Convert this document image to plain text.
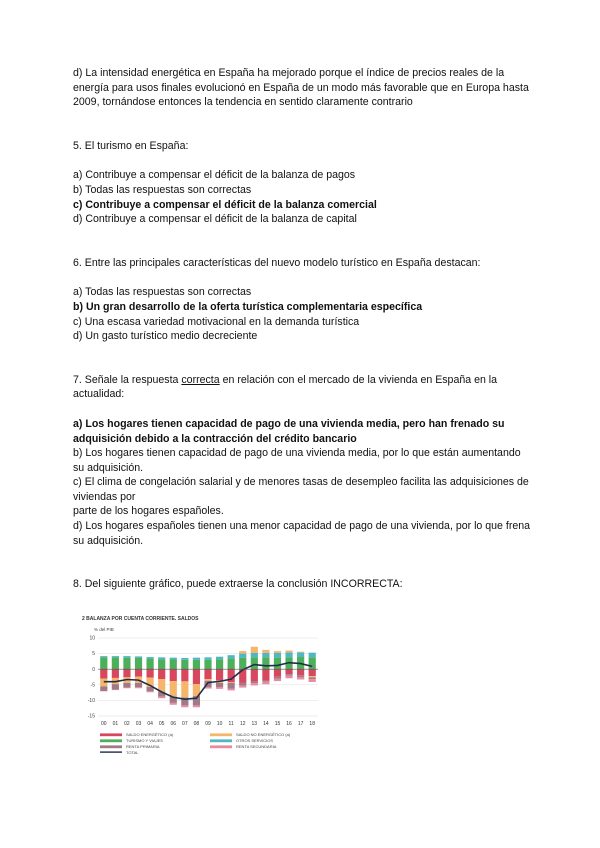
d) La intensidad energética en España ha mejorado porque el índice de precios reales de la energía para usos finales evolucionó en España de un modo más favorable que en Europa hasta 2009, tornándose entonces la tendencia en sentido claramente contrario

5. El turismo en España:

a) Contribuye a compensar el déficit de la balanza de pagos

b) Todas las respuestas son correctas

c) Contribuye a compensar el déficit de la balanza comercial

d) Contribuye a compensar el déficit de la balanza de capital

6. Entre las principales características del nuevo modelo turístico en España destacan:

a) Todas las respuestas son correctas

b) Un gran desarrollo de la oferta turística complementaria específica

c) Una escasa variedad motivacional en la demanda turística

d) Un gasto turístico medio decreciente

7. Señale la respuesta correcta en relación con el mercado de la vivienda en España en la actualidad:

a) Los hogares tienen capacidad de pago de una vivienda media, pero han frenado su adquisición debido a la contracción del crédito bancario

b) Los hogares tienen capacidad de pago de una vivienda media, por lo que están aumentando su adquisición.

c) El clima de congelación salarial y de menores tasas de desempleo facilita las adquisiciones de viviendas por

parte de los hogares españoles.

d) Los hogares españoles tienen una menor capacidad de pago de una vivienda, por lo que frena su adquisición.

8. Del siguiente gráfico, puede extraerse la conclusión INCORRECTA:

2 BALANZA POR CUENTA CORRIENTE. SALDOS
% del PIB
10
5
0
-5
-10
-15
00 01 02 03 04 05 06 07 08 09 10 11 12 13 14 15 16 17 18
SALDO ENERGÉTICO (a)	SALDO NO ENERGÉTICO (a)
TURISMO Y VIAJES	OTROS SERVICIOS
RENTA PRIMARIA	RENTA SECUNDARIA
TOTAL
